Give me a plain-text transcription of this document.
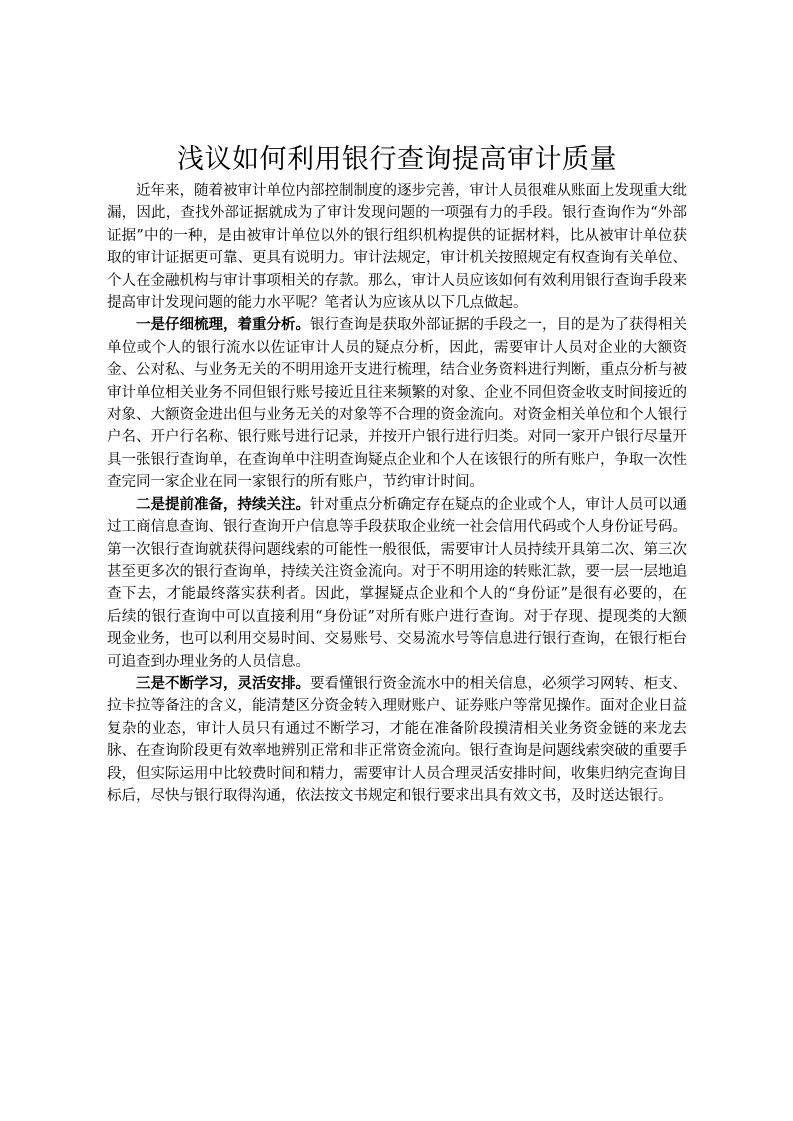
浅议如何利用银行查询提高审计质量

近年来，随着被审计单位内部控制制度的逐步完善，审计人员很难从账面上发现重大纰漏，因此，查找外部证据就成为了审计发现问题的一项强有力的手段。银行查询作为“外部证据”中的一种，是由被审计单位以外的银行组织机构提供的证据材料，比从被审计单位获取的审计证据更可靠、更具有说明力。审计法规定，审计机关按照规定有权查询有关单位、个人在金融机构与审计事项相关的存款。那么，审计人员应该如何有效利用银行查询手段来提高审计发现问题的能力水平呢？笔者认为应该从以下几点做起。

一是仔细梳理，着重分析。银行查询是获取外部证据的手段之一，目的是为了获得相关单位或个人的银行流水以佐证审计人员的疑点分析，因此，需要审计人员对企业的大额资金、公对私、与业务无关的不明用途开支进行梳理，结合业务资料进行判断，重点分析与被审计单位相关业务不同但银行账号接近且往来频繁的对象、企业不同但资金收支时间接近的对象、大额资金进出但与业务无关的对象等不合理的资金流向。对资金相关单位和个人银行户名、开户行名称、银行账号进行记录，并按开户银行进行归类。对同一家开户银行尽量开具一张银行查询单，在查询单中注明查询疑点企业和个人在该银行的所有账户，争取一次性查完同一家企业在同一家银行的所有账户，节约审计时间。

二是提前准备，持续关注。针对重点分析确定存在疑点的企业或个人，审计人员可以通过工商信息查询、银行查询开户信息等手段获取企业统一社会信用代码或个人身份证号码。第一次银行查询就获得问题线索的可能性一般很低，需要审计人员持续开具第二次、第三次甚至更多次的银行查询单，持续关注资金流向。对于不明用途的转账汇款，要一层一层地追查下去，才能最终落实获利者。因此，掌握疑点企业和个人的“身份证”是很有必要的，在后续的银行查询中可以直接利用“身份证”对所有账户进行查询。对于存现、提现类的大额现金业务，也可以利用交易时间、交易账号、交易流水号等信息进行银行查询，在银行柜台可追查到办理业务的人员信息。

三是不断学习，灵活安排。要看懂银行资金流水中的相关信息，必须学习网转、柜支、拉卡拉等备注的含义，能清楚区分资金转入理财账户、证券账户等常见操作。面对企业日益复杂的业态，审计人员只有通过不断学习，才能在准备阶段摸清相关业务资金链的来龙去脉、在查询阶段更有效率地辨别正常和非正常资金流向。银行查询是问题线索突破的重要手段，但实际运用中比较费时间和精力，需要审计人员合理灵活安排时间，收集归纳完查询目标后，尽快与银行取得沟通，依法按文书规定和银行要求出具有效文书，及时送达银行。
